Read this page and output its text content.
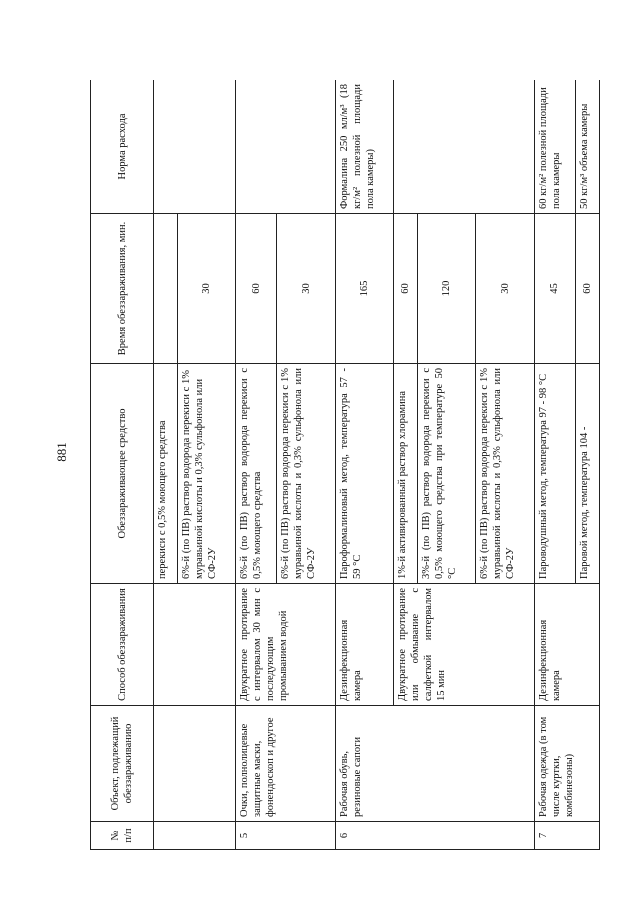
881
№ п/п	Объект, подлежащий обеззараживанию	Способ обеззараживания	Обеззараживающее средство	Время обеззараживания, мин.	Норма расхода
			перекиси с 0,5% моющего средства		
			6%-й (по ПВ) раствор водорода перекиси с 1% муравьиной кислоты и 0,3% сульфонола или СФ-2У	30	
5	Очки, полнолицевые защитные маски, фонендоскоп и другое	Двукратное протирание с интервалом 30 мин с последующим промыванием водой	6%-й (по ПВ) раствор водорода перекиси с 0,5% моющего средства	60	
			6%-й (по ПВ) раствор водорода перекиси с 1% муравьиной кислоты и 0,3% сульфонола или СФ-2У	30	
6	Рабочая обувь, резиновые сапоги	Дезинфекционная камера	Пароформалиновый метод, температура 57 - 59 °С	165	Формалина 250 мл/м³ (18 кг/м² полезной площади пола камеры)
		Двукратное протирание или обмывание с салфеткой интервалом 15 мин	1%-й активированный раствор хлорамина	60	
			3%-й (по ПВ) раствор водорода перекиси с 0,5% моющего средства при температуре 50 °С	120	
			6%-й (по ПВ) раствор водорода перекиси с 1% муравьиной кислоты и 0,3% сульфонола или СФ-2У	30	
7	Рабочая одежда (в том числе куртки, комбинезоны)	Дезинфекционная камера	Пароводушный метод, температура 97 - 98 °С	45	60 кг/м² полезной площади пола камеры
			Паровой метод, температура 104 -	60	50 кг/м³ объема камеры
